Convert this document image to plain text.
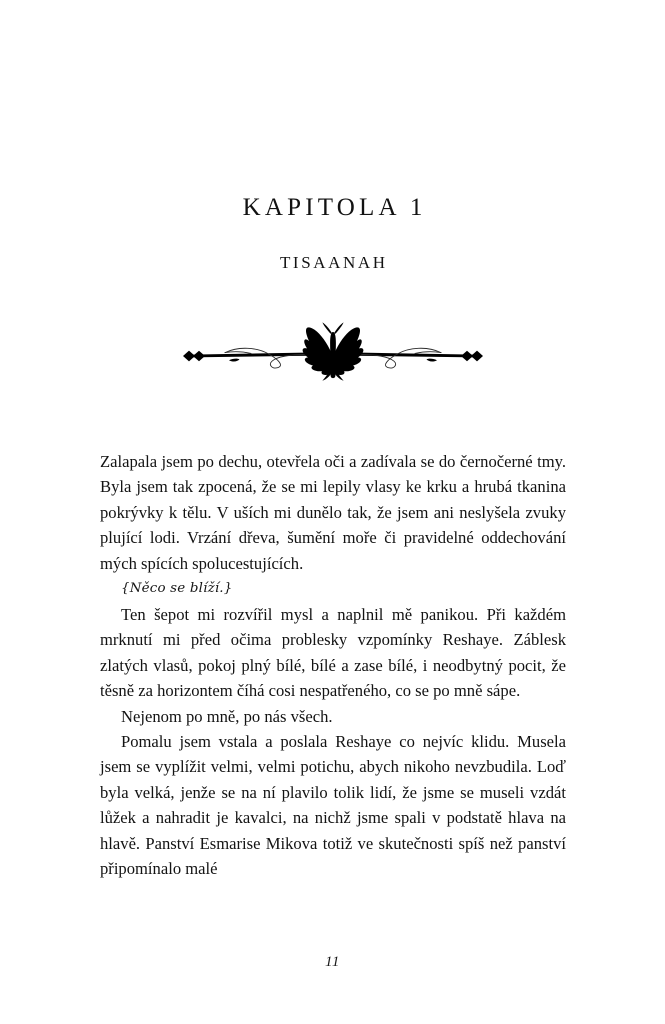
KAPITOLA 1
TISAANAH

Zalapala jsem po dechu, otevřela oči a zadívala se do černočerné tmy. Byla jsem tak zpocená, že se mi lepily vlasy ke krku a hrubá tkanina pokrývky k tělu. V uších mi dunělo tak, že jsem ani neslyšela zvuky plující lodi. Vrzání dřeva, šumění moře či pravidelné oddechování mých spících spolucestujících.

{Něco se blíží.}

Ten šepot mi rozvířil mysl a naplnil mě panikou. Při každém mrknutí mi před očima problesky vzpomínky Reshaye. Záblesk zlatých vlasů, pokoj plný bílé, bílé a zase bílé, i neodbytný pocit, že těsně za horizontem číhá cosi nespatřeného, co se po mně sápe.

Nejenom po mně, po nás všech.

Pomalu jsem vstala a poslala Reshaye co nejvíc klidu. Musela jsem se vyplížit velmi, velmi potichu, abych nikoho nevzbudila. Loď byla velká, jenže se na ní plavilo tolik lidí, že jsme se museli vzdát lůžek a nahradit je kavalci, na nichž jsme spali v podstatě hlava na hlavě. Panství Esmarise Mikova totiž ve skutečnosti spíš než panství připomínalo malé

11
